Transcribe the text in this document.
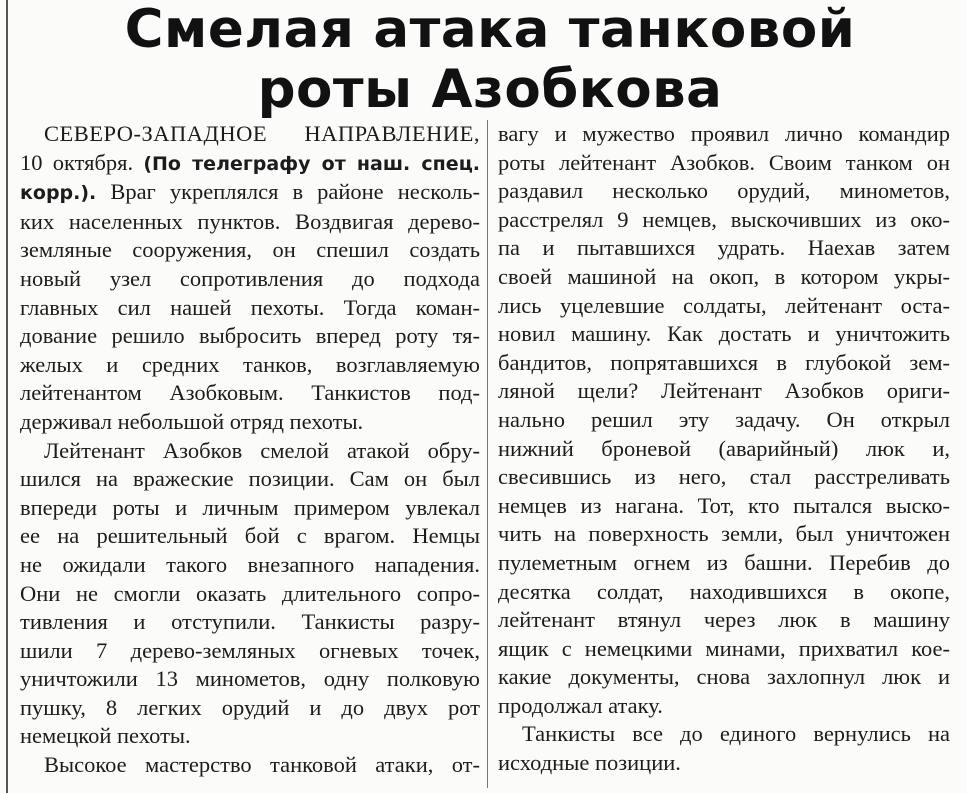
Смелая атака танковой
роты Азобкова
СЕВЕРО-ЗАПАДНОЕ НАПРАВЛЕНИЕ,
10 октября. (По телеграфу от наш. спец.
корр.). Враг укреплялся в районе несколь-
ких населенных пунктов. Воздвигая дерево-
земляные сооружения, он спешил создать
новый узел сопротивления до подхода
главных сил нашей пехоты. Тогда коман-
дование решило выбросить вперед роту тя-
желых и средних танков, возглавляемую
лейтенантом Азобковым. Танкистов под-
держивал небольшой отряд пехоты.
Лейтенант Азобков смелой атакой обру-
шился на вражеские позиции. Сам он был
впереди роты и личным примером увлекал
ее на решительный бой с врагом. Немцы
не ожидали такого внезапного нападения.
Они не смогли оказать длительного сопро-
тивления и отступили. Танкисты разру-
шили 7 дерево-земляных огневых точек,
уничтожили 13 минометов, одну полковую
пушку, 8 легких орудий и до двух рот
немецкой пехоты.
Высокое мастерство танковой атаки, от-
вагу и мужество проявил лично командир
роты лейтенант Азобков. Своим танком он
раздавил несколько орудий, минометов,
расстрелял 9 немцев, выскочивших из око-
па и пытавшихся удрать. Наехав затем
своей машиной на окоп, в котором укры-
лись уцелевшие солдаты, лейтенант оста-
новил машину. Как достать и уничтожить
бандитов, попрятавшихся в глубокой зем-
ляной щели? Лейтенант Азобков ориги-
нально решил эту задачу. Он открыл
нижний броневой (аварийный) люк и,
свесившись из него, стал расстреливать
немцев из нагана. Тот, кто пытался выско-
чить на поверхность земли, был уничтожен
пулеметным огнем из башни. Перебив до
десятка солдат, находившихся в окопе,
лейтенант втянул через люк в машину
ящик с немецкими минами, прихватил кое-
какие документы, снова захлопнул люк и
продолжал атаку.
Танкисты все до единого вернулись на
исходные позиции.
